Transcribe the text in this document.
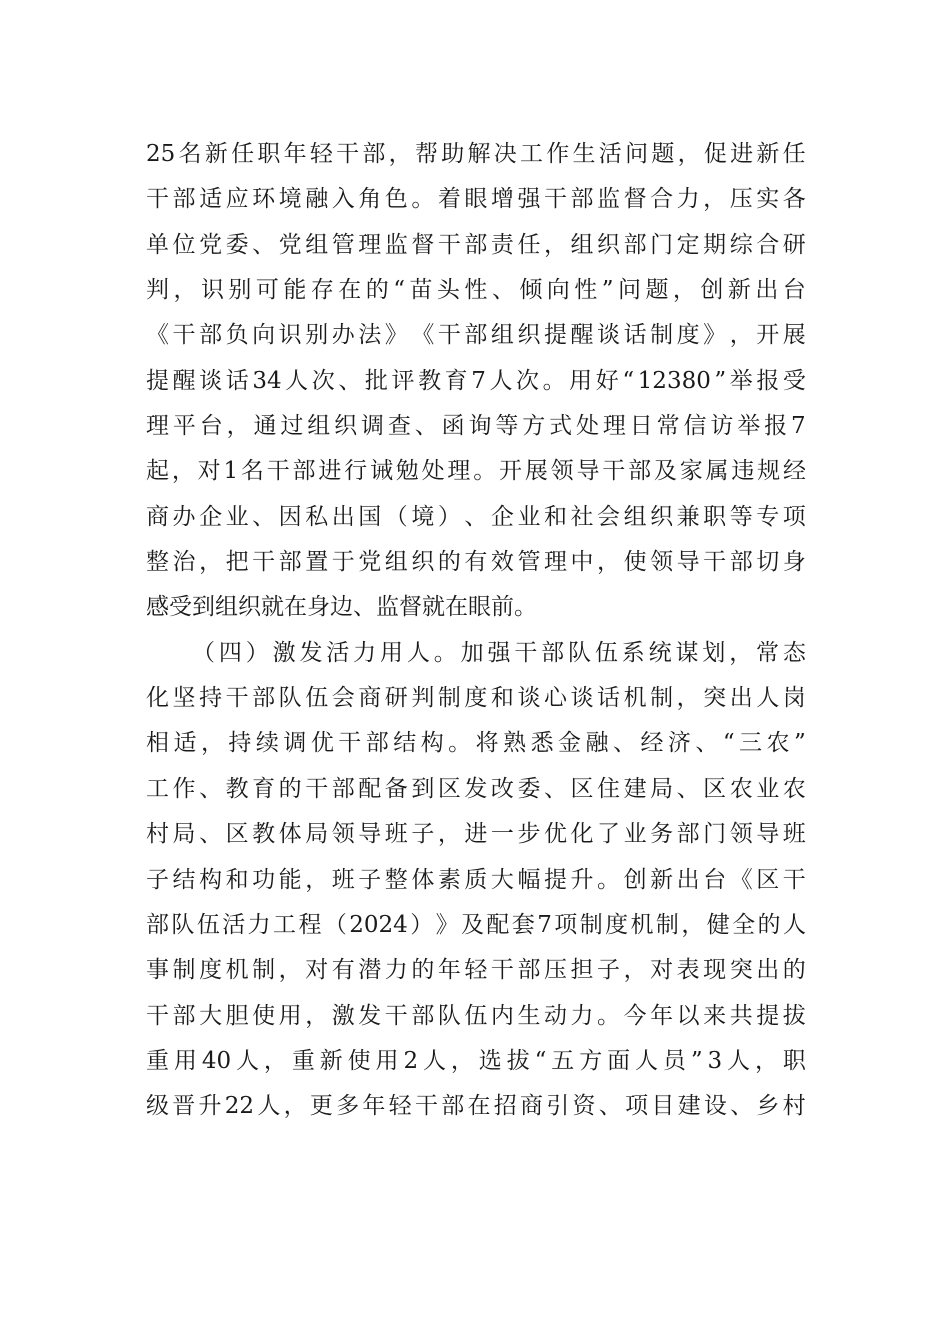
25 名 新 任 职 年 轻 干 部 ， 帮 助 解 决 工 作 生 活 问 题 ， 促 进 新 任
干 部 适 应 环 境 融 入 角 色 。 着 眼 增 强 干 部 监 督 合 力 ， 压 实 各
单 位 党 委 、 党 组 管 理 监 督 干 部 责 任 ， 组 织 部 门 定 期 综 合 研
判 ， 识 别 可 能 存 在 的 “ 苗 头 性 、 倾 向 性 ” 问 题 ， 创 新 出 台
《 干 部 负 向 识 别 办 法 》 《 干 部 组 织 提 醒 谈 话 制 度 》 ， 开 展
提 醒 谈 话 34 人 次 、 批 评 教 育 7 人 次 。 用 好 “ 12380 ” 举 报 受
理 平 台 ， 通 过 组 织 调 查 、 函 询 等 方 式 处 理 日 常 信 访 举 报 7
起 ， 对 1 名 干 部 进 行 诫 勉 处 理 。 开 展 领 导 干 部 及 家 属 违 规 经
商 办 企 业 、 因 私 出 国 （ 境 ） 、 企 业 和 社 会 组 织 兼 职 等 专 项
整 治 ， 把 干 部 置 于 党 组 织 的 有 效 管 理 中 ， 使 领 导 干 部 切 身
感受到组织就在身边、监督就在眼前。
（ 四 ） 激 发 活 力 用 人 。 加 强 干 部 队 伍 系 统 谋 划 ， 常 态
化 坚 持 干 部 队 伍 会 商 研 判 制 度 和 谈 心 谈 话 机 制 ， 突 出 人 岗
相 适 ， 持 续 调 优 干 部 结 构 。 将 熟 悉 金 融 、 经 济 、 “ 三 农 ”
工 作 、 教 育 的 干 部 配 备 到 区 发 改 委 、 区 住 建 局 、 区 农 业 农
村 局 、 区 教 体 局 领 导 班 子 ， 进 一 步 优 化 了 业 务 部 门 领 导 班
子 结 构 和 功 能 ， 班 子 整 体 素 质 大 幅 提 升 。 创 新 出 台 《 区 干
部 队 伍 活 力 工 程 （ 2024 ） 》 及 配 套 7 项 制 度 机 制 ， 健 全 的 人
事 制 度 机 制 ， 对 有 潜 力 的 年 轻 干 部 压 担 子 ， 对 表 现 突 出 的
干 部 大 胆 使 用 ， 激 发 干 部 队 伍 内 生 动 力 。 今 年 以 来 共 提 拔
重 用 40 人 ， 重 新 使 用 2 人 ， 选 拔 “ 五 方 面 人 员 ” 3 人 ， 职
级 晋 升 22 人 ， 更 多 年 轻 干 部 在 招 商 引 资 、 项 目 建 设 、 乡 村
